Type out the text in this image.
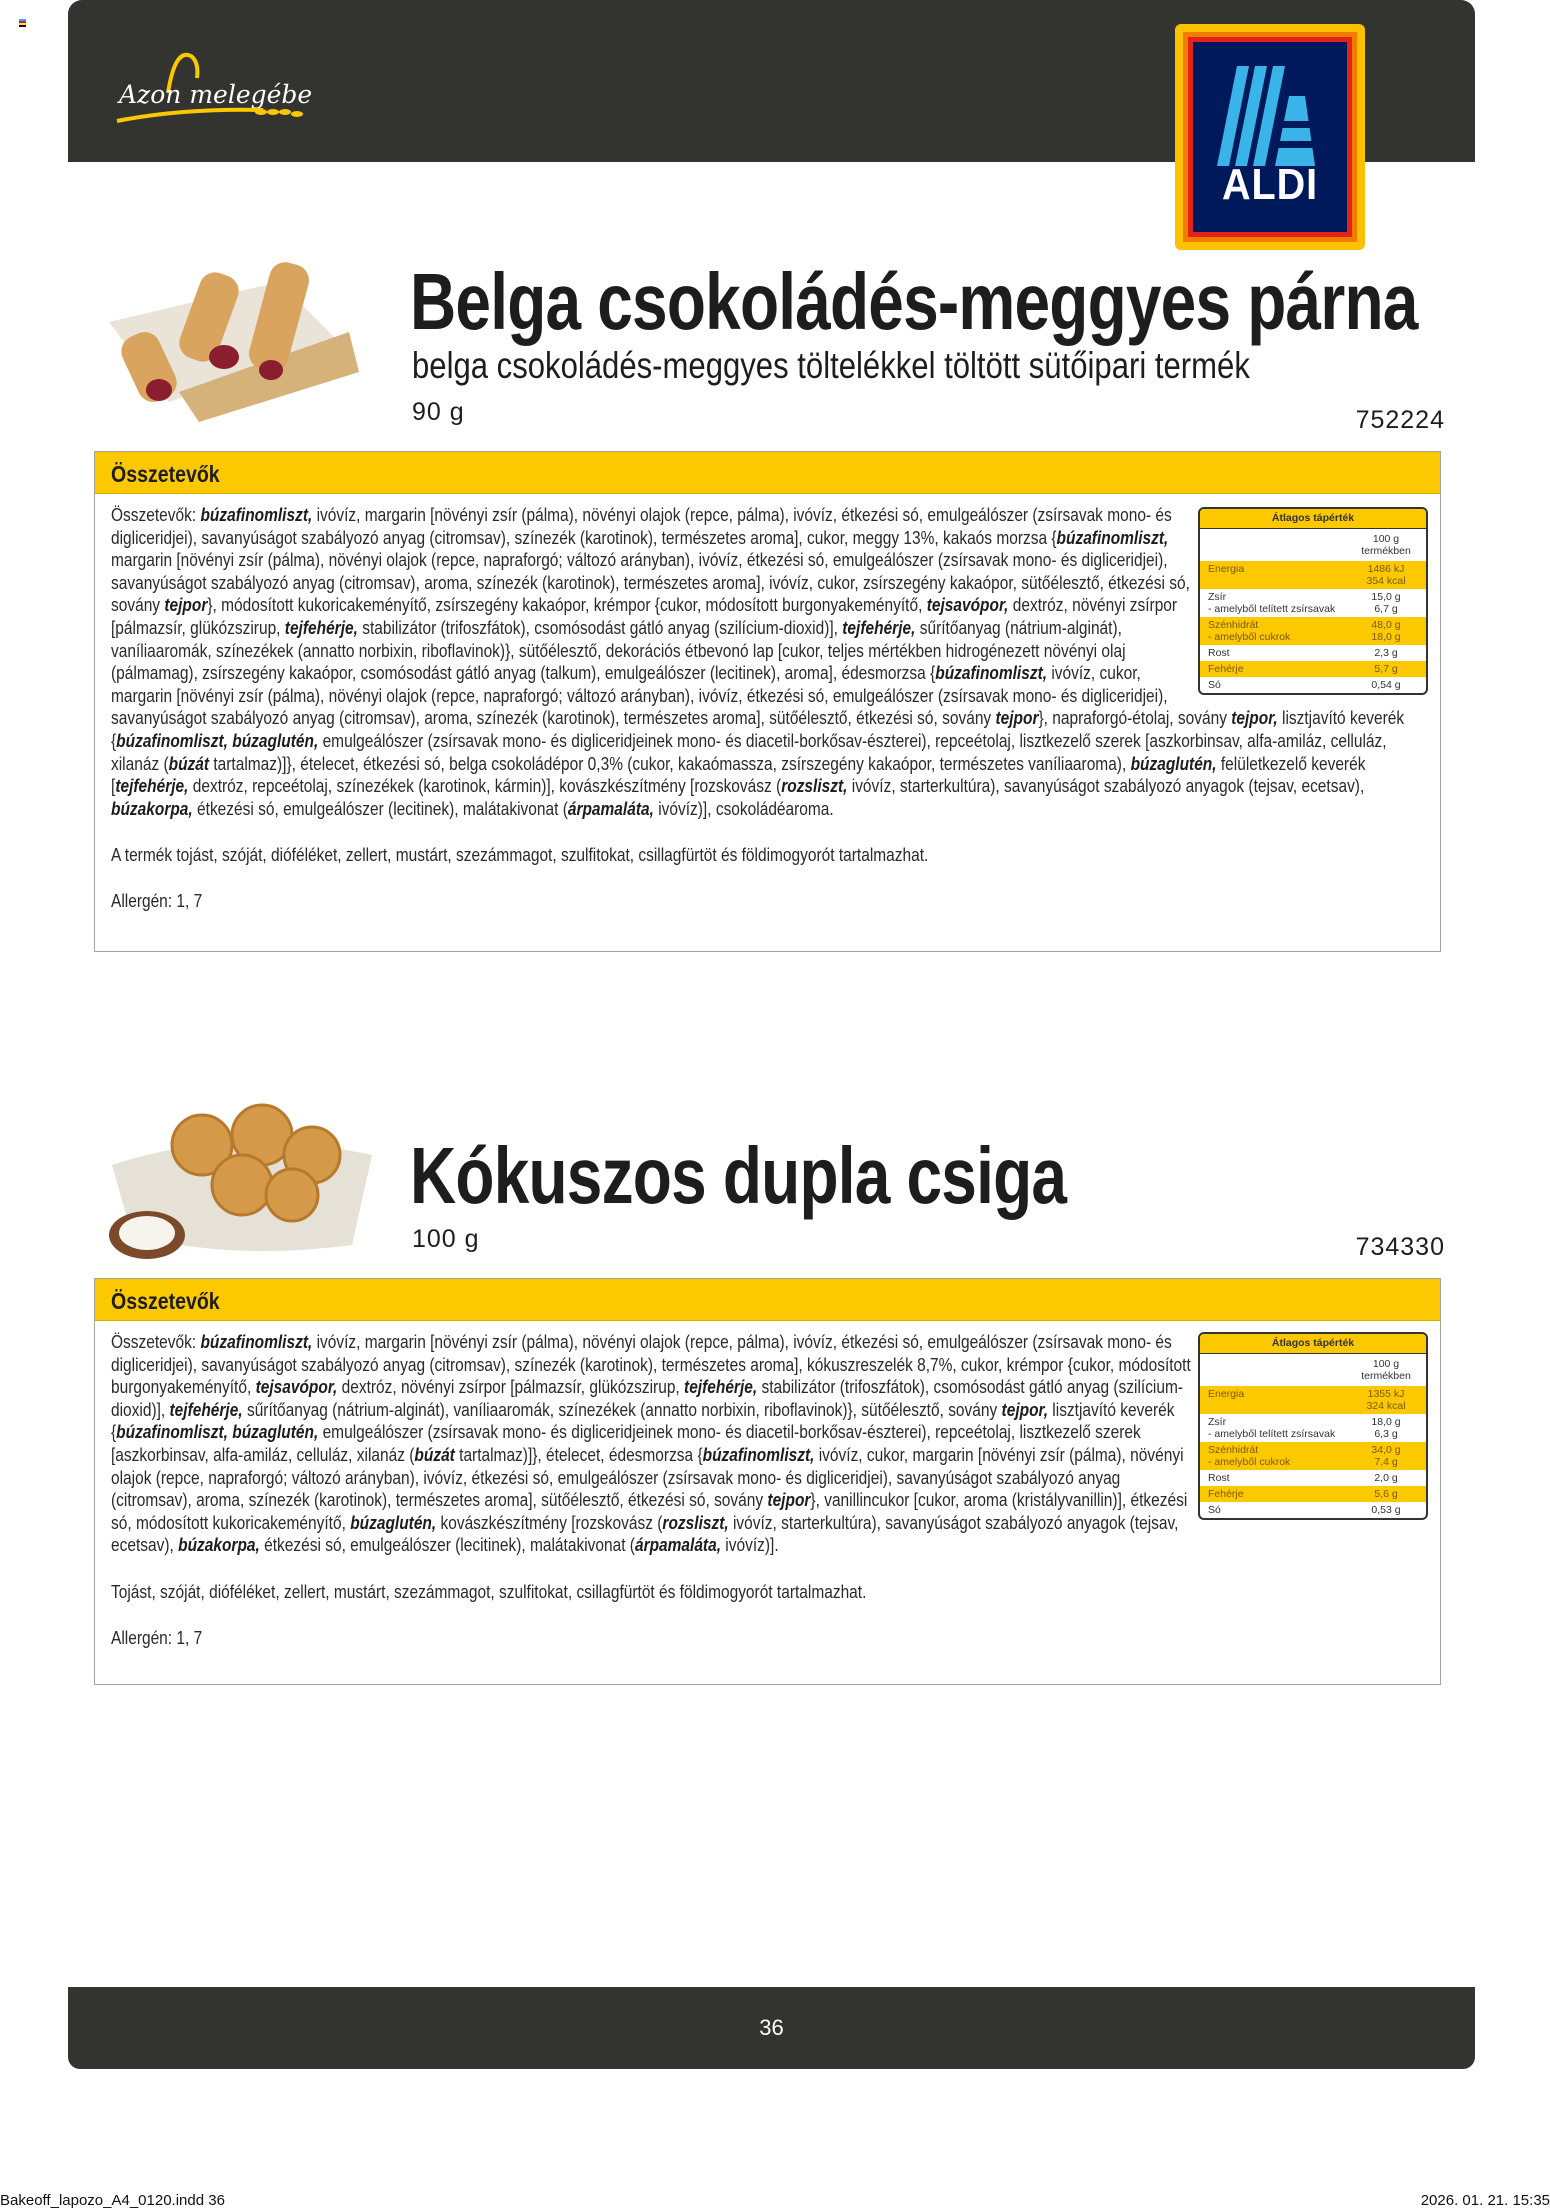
Azon melegében
ALDI
Belga csokoládés-meggyes párna
belga csokoládés-meggyes töltelékkel töltött sütőipari termék
90 g	752224
Összetevők
Összetevők: búzafinomliszt, ivóvíz, margarin [növényi zsír (pálma), növényi olajok (repce, pálma), ivóvíz, étkezési só, emulgeálószer (zsírsavak mono- és digliceridjei), savanyúságot szabályozó anyag (citromsav), színezék (karotinok), természetes aroma], cukor, meggy 13%, kakaós morzsa {búzafinomliszt, margarin [növényi zsír (pálma), növényi olajok (repce, napraforgó; változó arányban), ivóvíz, étkezési só, emulgeálószer (zsírsavak mono- és digliceridjei), savanyúságot szabályozó anyag (citromsav), aroma, színezék (karotinok), természetes aroma], ivóvíz, cukor, zsírszegény kakaópor, sütőélesztő, étkezési só, sovány tejpor}, módosított kukoricakeményítő, zsírszegény kakaópor, krémpor {cukor, módosított burgonyakeményítő, tejsavópor, dextróz, növényi zsírpor [pálmazsír, glükózszirup, tejfehérje, stabilizátor (trifoszfátok), csomósodást gátló anyag (szilícium-dioxid)], tejfehérje, sűrítőanyag (nátrium-alginát), vaníliaaromák, színezékek (annatto norbixin, riboflavinok)}, sütőélesztő, dekorációs étbevonó lap [cukor, teljes mértékben hidrogénezett növényi olaj (pálmamag), zsírszegény kakaópor, csomósodást gátló anyag (talkum), emulgeálószer (lecitinek), aroma], édesmorzsa {búzafinomliszt, ivóvíz, cukor, margarin [növényi zsír (pálma), növényi olajok (repce, napraforgó; változó arányban), ivóvíz, étkezési só, emulgeálószer (zsírsavak mono- és digliceridjei), savanyúságot szabályozó anyag (citromsav), aroma, színezék (karotinok), természetes aroma], sütőélesztő, étkezési só, sovány tejpor}, napraforgó-étolaj, sovány tejpor, lisztjavító keverék {búzafinomliszt, búzaglutén, emulgeálószer (zsírsavak mono- és digliceridjeinek mono- és diacetil-borkősav-észterei), repceétolaj, lisztkezelő szerek [aszkorbinsav, alfa-amiláz, celluláz, xilanáz (búzát tartalmaz)]}, ételecet, étkezési só, belga csokoládépor 0,3% (cukor, kakaómassza, zsírszegény kakaópor, természetes vaníliaaroma), búzaglutén, felületkezelő keverék [tejfehérje, dextróz, repceétolaj, színezékek (karotinok, kármin)], kovászkészítmény [rozskovász (rozsliszt, ivóvíz, starterkultúra), savanyúságot szabályozó anyagok (tejsav, ecetsav), búzakorpa, étkezési só, emulgeálószer (lecitinek), malátakivonat (árpamaláta, ivóvíz)], csokoládéaroma.
A termék tojást, szóját, dióféléket, zellert, mustárt, szezámmagot, szulfitokat, csillagfürtöt és földimogyorót tartalmazhat.
Allergén: 1, 7
Átlagos tápérték
100 g
termékben
Energia	1486 kJ
354 kcal
Zsír
- amelyből telített zsírsavak
15,0 g
6,7 g
Szénhidrát
- amelyből cukrok
48,0 g
18,0 g
Rost	2,3 g
Fehérje	5,7 g
Só	0,54 g
Kókuszos dupla csiga
100 g	734330
Összetevők
Összetevők: búzafinomliszt, ivóvíz, margarin [növényi zsír (pálma), növényi olajok (repce, pálma), ivóvíz, étkezési só, emulgeálószer (zsírsavak mono- és digliceridjei), savanyúságot szabályozó anyag (citromsav), színezék (karotinok), természetes aroma], kókuszreszelék 8,7%, cukor, krémpor {cukor, módosított burgonyakeményítő, tejsavópor, dextróz, növényi zsírpor [pálmazsír, glükózszirup, tejfehérje, stabilizátor (trifoszfátok), csomósodást gátló anyag (szilícium-dioxid)], tejfehérje, sűrítőanyag (nátrium-alginát), vaníliaaromák, színezékek (annatto norbixin, riboflavinok)}, sütőélesztő, sovány tejpor, lisztjavító keverék {búzafinomliszt, búzaglutén, emulgeálószer (zsírsavak mono- és digliceridjeinek mono- és diacetil-borkősav-észterei), repceétolaj, lisztkezelő szerek [aszkorbinsav, alfa-amiláz, celluláz, xilanáz (búzát tartalmaz)]}, ételecet, édesmorzsa {búzafinomliszt, ivóvíz, cukor, margarin [növényi zsír (pálma), növényi olajok (repce, napraforgó; változó arányban), ivóvíz, étkezési só, emulgeálószer (zsírsavak mono- és digliceridjei), savanyúságot szabályozó anyag (citromsav), aroma, színezék (karotinok), természetes aroma], sütőélesztő, étkezési só, sovány tejpor}, vanillincukor [cukor, aroma (kristályvanillin)], étkezési só, módosított kukoricakeményítő, búzaglutén, kovászkészítmény [rozskovász (rozsliszt, ivóvíz, starterkultúra), savanyúságot szabályozó anyagok (tejsav, ecetsav), búzakorpa, étkezési só, emulgeálószer (lecitinek), malátakivonat (árpamaláta, ivóvíz)].
Tojást, szóját, dióféléket, zellert, mustárt, szezámmagot, szulfitokat, csillagfürtöt és földimogyorót tartalmazhat.
Allergén: 1, 7
Átlagos tápérték
100 g
termékben
Energia	1355 kJ
324 kcal
Zsír
- amelyből telített zsírsavak
18,0 g
6,3 g
Szénhidrát
- amelyből cukrok
34,0 g
7,4 g
Rost	2,0 g
Fehérje	5,6 g
Só	0,53 g
36
Bakeoff_lapozo_A4_0120.indd 36	2026. 01. 21. 15:35
